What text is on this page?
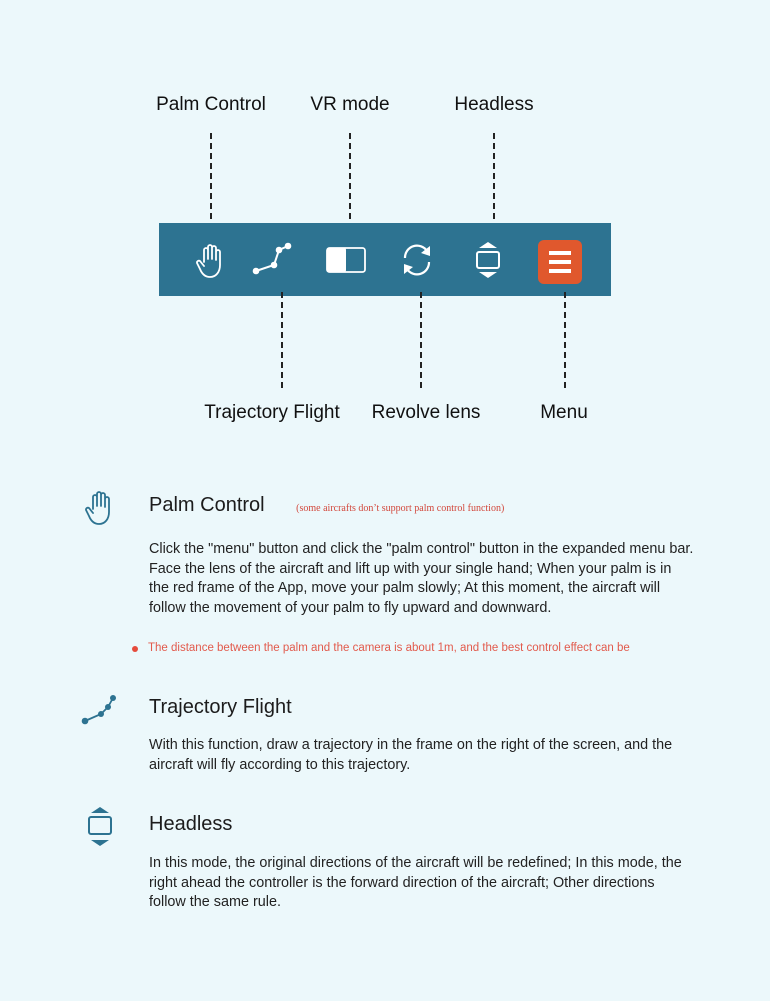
Palm Control VR mode	Headless
Trajectory Flight Revolve lens	Menu
Palm Control	(some aircrafts don’t support palm control function)
Click the "menu" button and click the "palm control" button in the expanded menu bar. Face the lens of the aircraft and lift up with your single hand; When your palm is in the red frame of the App, move your palm slowly; At this moment, the aircraft will follow the movement of your palm to fly upward and downward.
The distance between the palm and the camera is about 1m, and the best control effect can be
Trajectory Flight
With this function, draw a trajectory in the frame on the right of the screen, and the aircraft will fly according to this trajectory.
Headless
In this mode, the original directions of the aircraft will be redefined; In this mode, the right ahead the controller is the forward direction of the aircraft; Other directions follow the same rule.
